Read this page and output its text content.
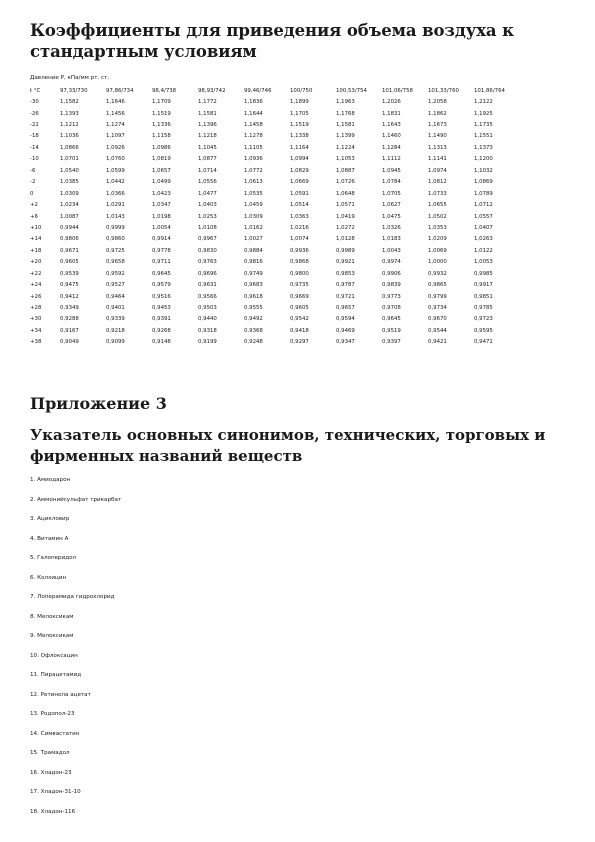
Коэффициенты для приведения объема воздуха к стандартным условиям
Давление Р, кПа/мм рт. ст.
t °C	97,33/730	97,86/734	98,4/738	98,93/742	99,46/746	100/750	100,53/754	101,06/758	101,33/760	101,86/764
-30	1,1582	1,1646	1,1709	1,1772	1,1836	1,1899	1,1963	1,2026	1,2058	1,2122
-26	1,1393	1,1456	1,1519	1,1581	1,1644	1,1705	1,1768	1,1831	1,1862	1,1925
-22	1,1212	1,1274	1,1336	1,1396	1,1458	1,1519	1,1581	1,1643	1,1673	1,1735
-18	1,1036	1,1097	1,1158	1,1218	1,1278	1,1338	1,1399	1,1460	1,1490	1,1551
-14	1,0866	1,0926	1,0986	1,1045	1,1105	1,1164	1,1224	1,1284	1,1313	1,1373
-10	1,0701	1,0760	1,0819	1,0877	1,0936	1,0994	1,1053	1,1112	1,1141	1,1200
-6	1,0540	1,0599	1,0657	1,0714	1,0772	1,0829	1,0887	1,0945	1,0974	1,1032
-2	1,0385	1,0442	1,0499	1,0556	1,0613	1,0669	1,0726	1,0784	1,0812	1,0869
0	1,0309	1,0366	1,0423	1,0477	1,0535	1,0591	1,0648	1,0705	1,0733	1,0789
+2	1,0234	1,0291	1,0347	1,0403	1,0459	1,0514	1,0571	1,0627	1,0655	1,0712
+6	1,0087	1,0143	1,0198	1,0253	1,0309	1,0363	1,0419	1,0475	1,0502	1,0557
+10	0,9944	0,9999	1,0054	1,0108	1,0162	1,0216	1,0272	1,0326	1,0353	1,0407
+14	0,9806	0,9860	0,9914	0,9967	1,0027	1,0074	1,0128	1,0183	1,0209	1,0263
+18	0,9671	0,9725	0,9778	0,9830	0,9884	0,9936	0,9989	1,0043	1,0069	1,0122
+20	0,9605	0,9658	0,9711	0,9763	0,9816	0,9868	0,9921	0,9974	1,0000	1,0053
+22	0,9539	0,9592	0,9645	0,9696	0,9749	0,9800	0,9853	0,9906	0,9932	0,9985
+24	0,9475	0,9527	0,9579	0,9631	0,9683	0,9735	0,9787	0,9839	0,9865	0,9917
+26	0,9412	0,9464	0,9516	0,9566	0,9618	0,9669	0,9721	0,9773	0,9799	0,9851
+28	0,9349	0,9401	0,9453	0,9503	0,9555	0,9605	0,9657	0,9708	0,9734	0,9785
+30	0,9288	0,9339	0,9391	0,9440	0,9492	0,9542	0,9594	0,9645	0,9670	0,9723
+34	0,9167	0,9218	0,9268	0,9318	0,9368	0,9418	0,9469	0,9519	0,9544	0,9595
+38	0,9049	0,9099	0,9148	0,9199	0,9248	0,9297	0,9347	0,9397	0,9421	0,9471
Приложение 3
Указатель основных синонимов, технических, торговых и фирменных названий веществ
1. Амиодарон
2. Аммонийсульфат трикарбат
3. Ацикловир
4. Витамин А
5. Галоперидол
6. Колхицин
7. Лоперамида гидрохлорид
8. Мелоксикам
9. Мелоксикам
10. Офлоксацин
11. Пирацетамид
12. Ретинола ацетат
13. Родопол-23
14. Симвастатин
15. Трамадол
16. Хладон-23
17. Хладон-31-10
18. Хладон-116
